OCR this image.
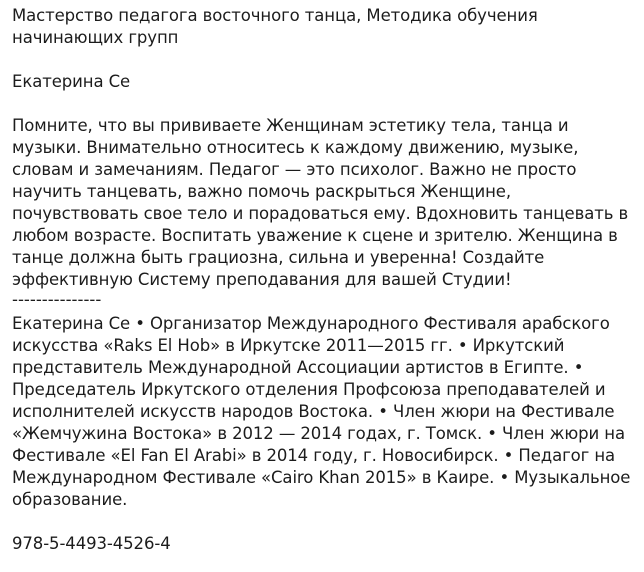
Мастерство педагога восточного танца, Методика обучения начинающих групп

Екатерина Се

Помните, что вы прививаете Женщинам эстетику тела, танца и музыки. Внимательно относитесь к каждому движению, музыке, словам и замечаниям. Педагог — это психолог. Важно не просто научить танцевать, важно помочь раскрыться Женщине, почувствовать свое тело и порадоваться ему. Вдохновить танцевать в любом возрасте. Воспитать уважение к сцене и зрителю. Женщина в танце должна быть грациозна, сильна и уверенна! Создайте эффективную Систему преподавания для вашей Студии!

---------------

Екатерина Се • Организатор Международного Фестиваля арабского искусства «Raks El Hob» в Иркутске 2011—2015 гг. • Иркутский представитель Международной Ассоциации артистов в Египте. • Председатель Иркутского отделения Профсоюза преподавателей и исполнителей искусств народов Востока. • Член жюри на Фестивале «Жемчужина Востока» в 2012 — 2014 годах, г. Томск. • Член жюри на Фестивале «El Fan El Arabi» в 2014 году, г. Новосибирск. • Педагог на Международном Фестивале «Cairo Khan 2015» в Каире. • Музыкальное образование.

978-5-4493-4526-4
